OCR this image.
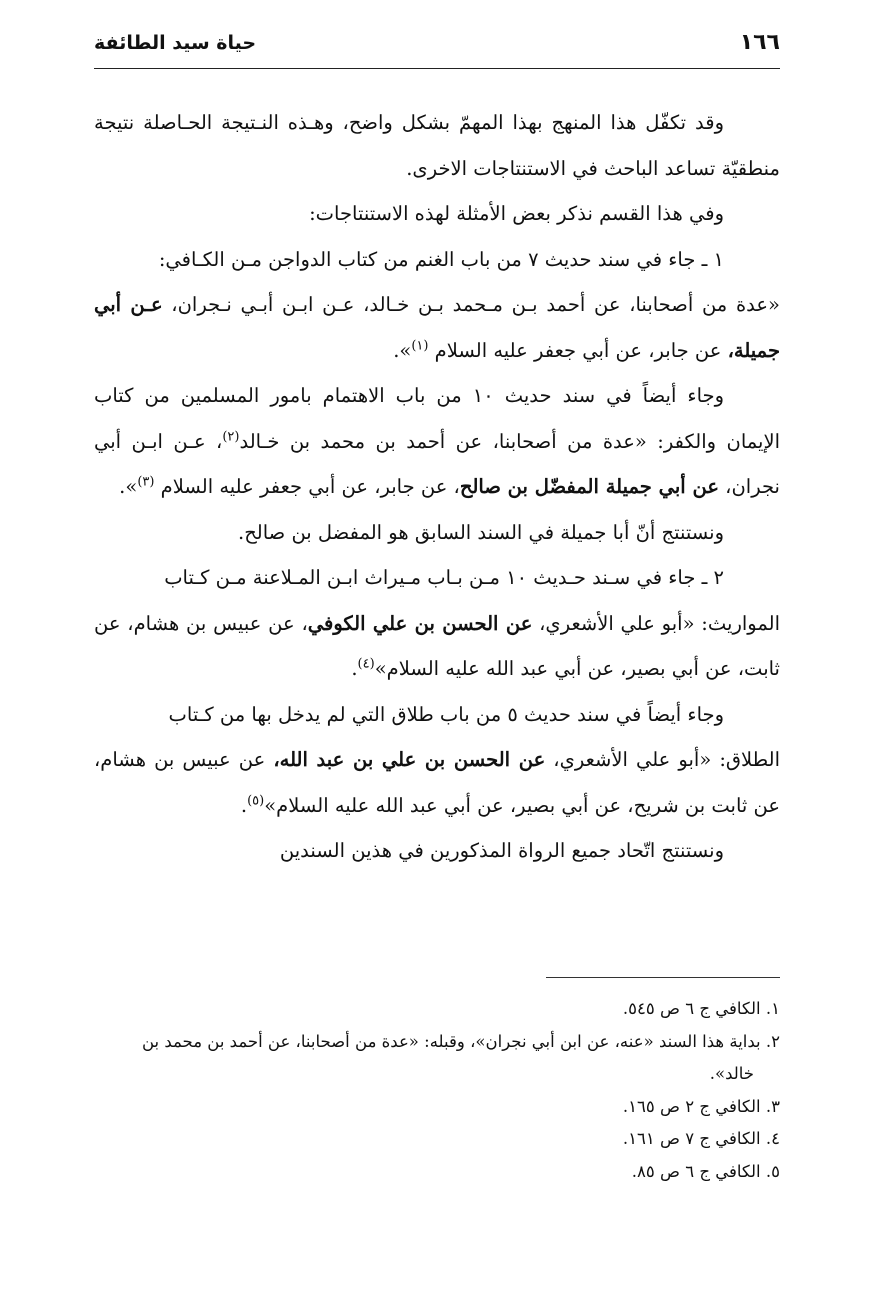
١٦٦
حياة سيد الطائفة

وقد تكفّل هذا المنهج بهذا المهمّ بشكل واضح، وهـذه النـتيجة الحـاصلة نتيجة منطقيّة تساعد الباحث في الاستنتاجات الاخرى.

وفي هذا القسم نذكر بعض الأمثلة لهذه الاستنتاجات:

١ ـ جاء في سند حديث ٧ من باب الغنم من كتاب الدواجن مـن الكـافي:

«عدة من أصحابنا، عن أحمد بـن مـحمد بـن خـالد، عـن ابـن أبـي نـجران، عـن أبي جميلة، عن جابر، عن أبي جعفر عليه السلام $^{(١)}$».

وجاء أيضاً في سند حديث ١٠ من باب الاهتمام بامور المسلمين من كتاب الإيمان والكفر: «عدة من أصحابنا، عن أحمد بن محمد بن خـالد$^{(٢)}$، عـن ابـن أبي نجران، عن أبي جميلة المفضّل بن صالح، عن جابر، عن أبي جعفر عليه السلام $^{(٣)}$».

ونستنتج أنّ أبا جميلة في السند السابق هو المفضل بن صالح.

٢ ـ جاء في سـند حـديث ١٠ مـن بـاب مـيراث ابـن المـلاعنة مـن كـتاب

المواريث: «أبو علي الأشعري، عن الحسن بن علي الكوفي، عن عبيس بن هشام، عن ثابت، عن أبي بصير، عن أبي عبد الله عليه السلام»$^{(٤)}$.

وجاء أيضاً في سند حديث ٥ من باب طلاق التي لم يدخل بها من كـتاب

الطلاق: «أبو علي الأشعري، عن الحسن بن علي بن عبد الله، عن عبيس بن هشام، عن ثابت بن شريح، عن أبي بصير، عن أبي عبد الله عليه السلام»$^{(٥)}$.

ونستنتج اتّحاد جميع الرواة المذكورين في هذين السندين

١. الكافي ج ٦ ص ٥٤٥.

٢. بداية هذا السند «عنه، عن ابن أبي نجران»، وقبله: «عدة من أصحابنا، عن أحمد بن محمد بن

خالد».

٣. الكافي ج ٢ ص ١٦٥.

٤. الكافي ج ٧ ص ١٦١.

٥. الكافي ج ٦ ص ٨٥.
